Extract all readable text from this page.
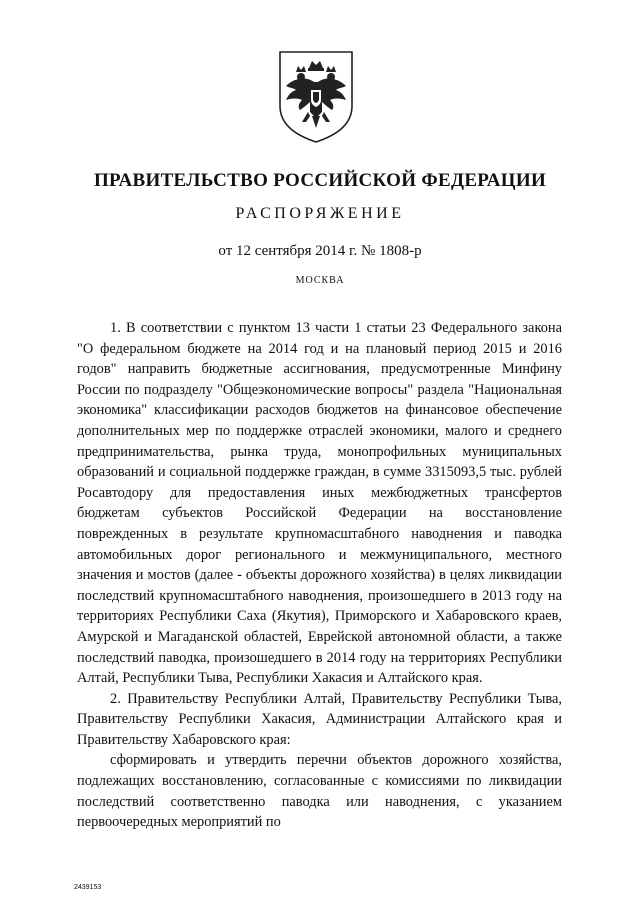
ПРАВИТЕЛЬСТВО РОССИЙСКОЙ ФЕДЕРАЦИИ
РАСПОРЯЖЕНИЕ
от 12 сентября 2014 г. № 1808-р
МОСКВА

1. В соответствии с пунктом 13 части 1 статьи 23 Федерального закона "О федеральном бюджете на 2014 год и на плановый период 2015 и 2016 годов" направить бюджетные ассигнования, предусмотренные Минфину России по подразделу "Общеэкономические вопросы" раздела "Национальная экономика" классификации расходов бюджетов на финансовое обеспечение дополнительных мер по поддержке отраслей экономики, малого и среднего предпринимательства, рынка труда, монопрофильных муниципальных образований и социальной поддержке граждан, в сумме 3315093,5 тыс. рублей Росавтодору для предоставления иных межбюджетных трансфертов бюджетам субъектов Российской Федерации на восстановление поврежденных в результате крупномасштабного наводнения и паводка автомобильных дорог регионального и межмуниципального, местного значения и мостов (далее - объекты дорожного хозяйства) в целях ликвидации последствий крупномасштабного наводнения, произошедшего в 2013 году на территориях Республики Саха (Якутия), Приморского и Хабаровского краев, Амурской и Магаданской областей, Еврейской автономной области, а также последствий паводка, произошедшего в 2014 году на территориях Республики Алтай, Республики Тыва, Республики Хакасия и Алтайского края.

2. Правительству Республики Алтай, Правительству Республики Тыва, Правительству Республики Хакасия, Администрации Алтайского края и Правительству Хабаровского края:

сформировать и утвердить перечни объектов дорожного хозяйства, подлежащих восстановлению, согласованные с комиссиями по ликвидации последствий соответственно паводка или наводнения, с указанием первоочередных мероприятий по

2439153
